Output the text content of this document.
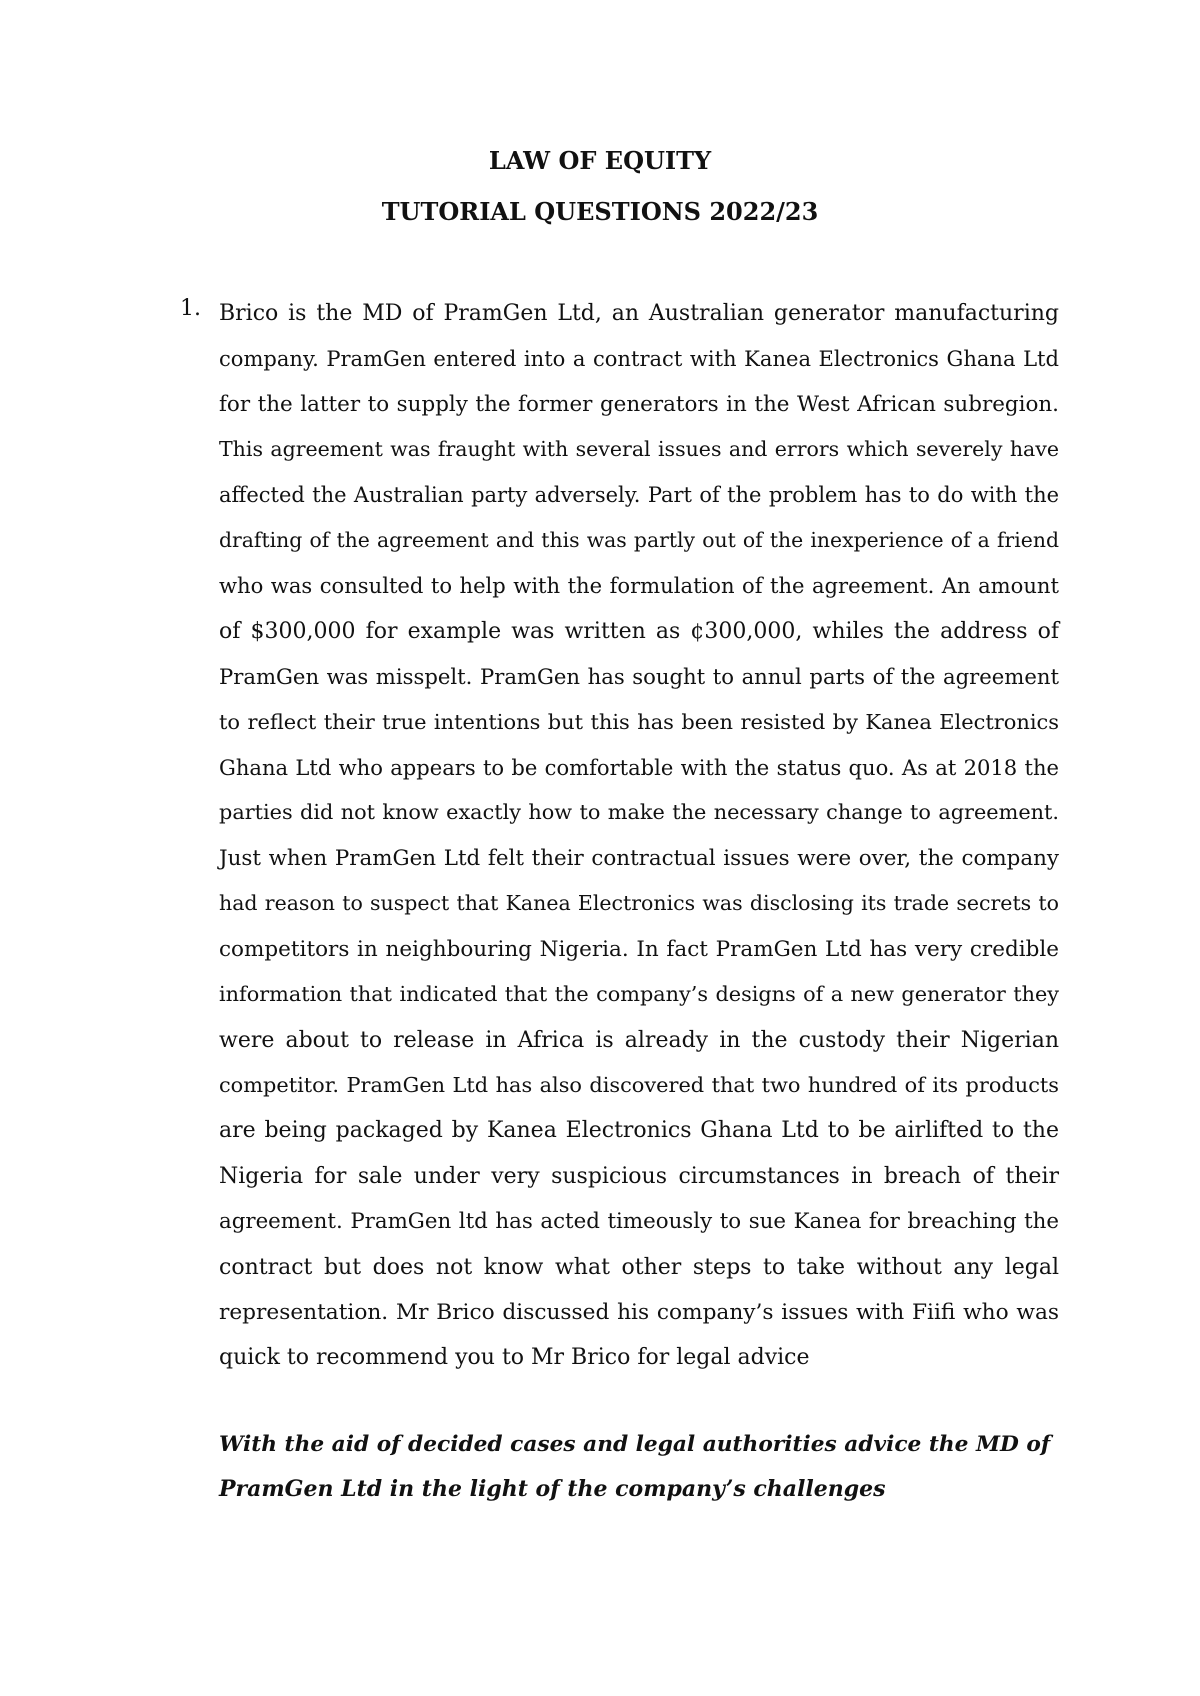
LAW OF EQUITY
TUTORIAL QUESTIONS 2022/23
1. Brico is the MD of PramGen Ltd, an Australian generator manufacturing
company. PramGen entered into a contract with Kanea Electronics Ghana Ltd
for the latter to supply the former generators in the West African subregion.
This agreement was fraught with several issues and errors which severely have
affected the Australian party adversely. Part of the problem has to do with the
drafting of the agreement and this was partly out of the inexperience of a friend
who was consulted to help with the formulation of the agreement. An amount
of $300,000 for example was written as ¢300,000, whiles the address of
PramGen was misspelt. PramGen has sought to annul parts of the agreement
to reflect their true intentions but this has been resisted by Kanea Electronics
Ghana Ltd who appears to be comfortable with the status quo. As at 2018 the
parties did not know exactly how to make the necessary change to agreement.
Just when PramGen Ltd felt their contractual issues were over, the company
had reason to suspect that Kanea Electronics was disclosing its trade secrets to
competitors in neighbouring Nigeria. In fact PramGen Ltd has very credible
information that indicated that the company’s designs of a new generator they
were about to release in Africa is already in the custody their Nigerian
competitor. PramGen Ltd has also discovered that two hundred of its products
are being packaged by Kanea Electronics Ghana Ltd to be airlifted to the
Nigeria for sale under very suspicious circumstances in breach of their
agreement. PramGen ltd has acted timeously to sue Kanea for breaching the
contract but does not know what other steps to take without any legal
representation. Mr Brico discussed his company’s issues with Fiifi who was
quick to recommend you to Mr Brico for legal advice
With the aid of decided cases and legal authorities advice the MD of
PramGen Ltd in the light of the company’s challenges
